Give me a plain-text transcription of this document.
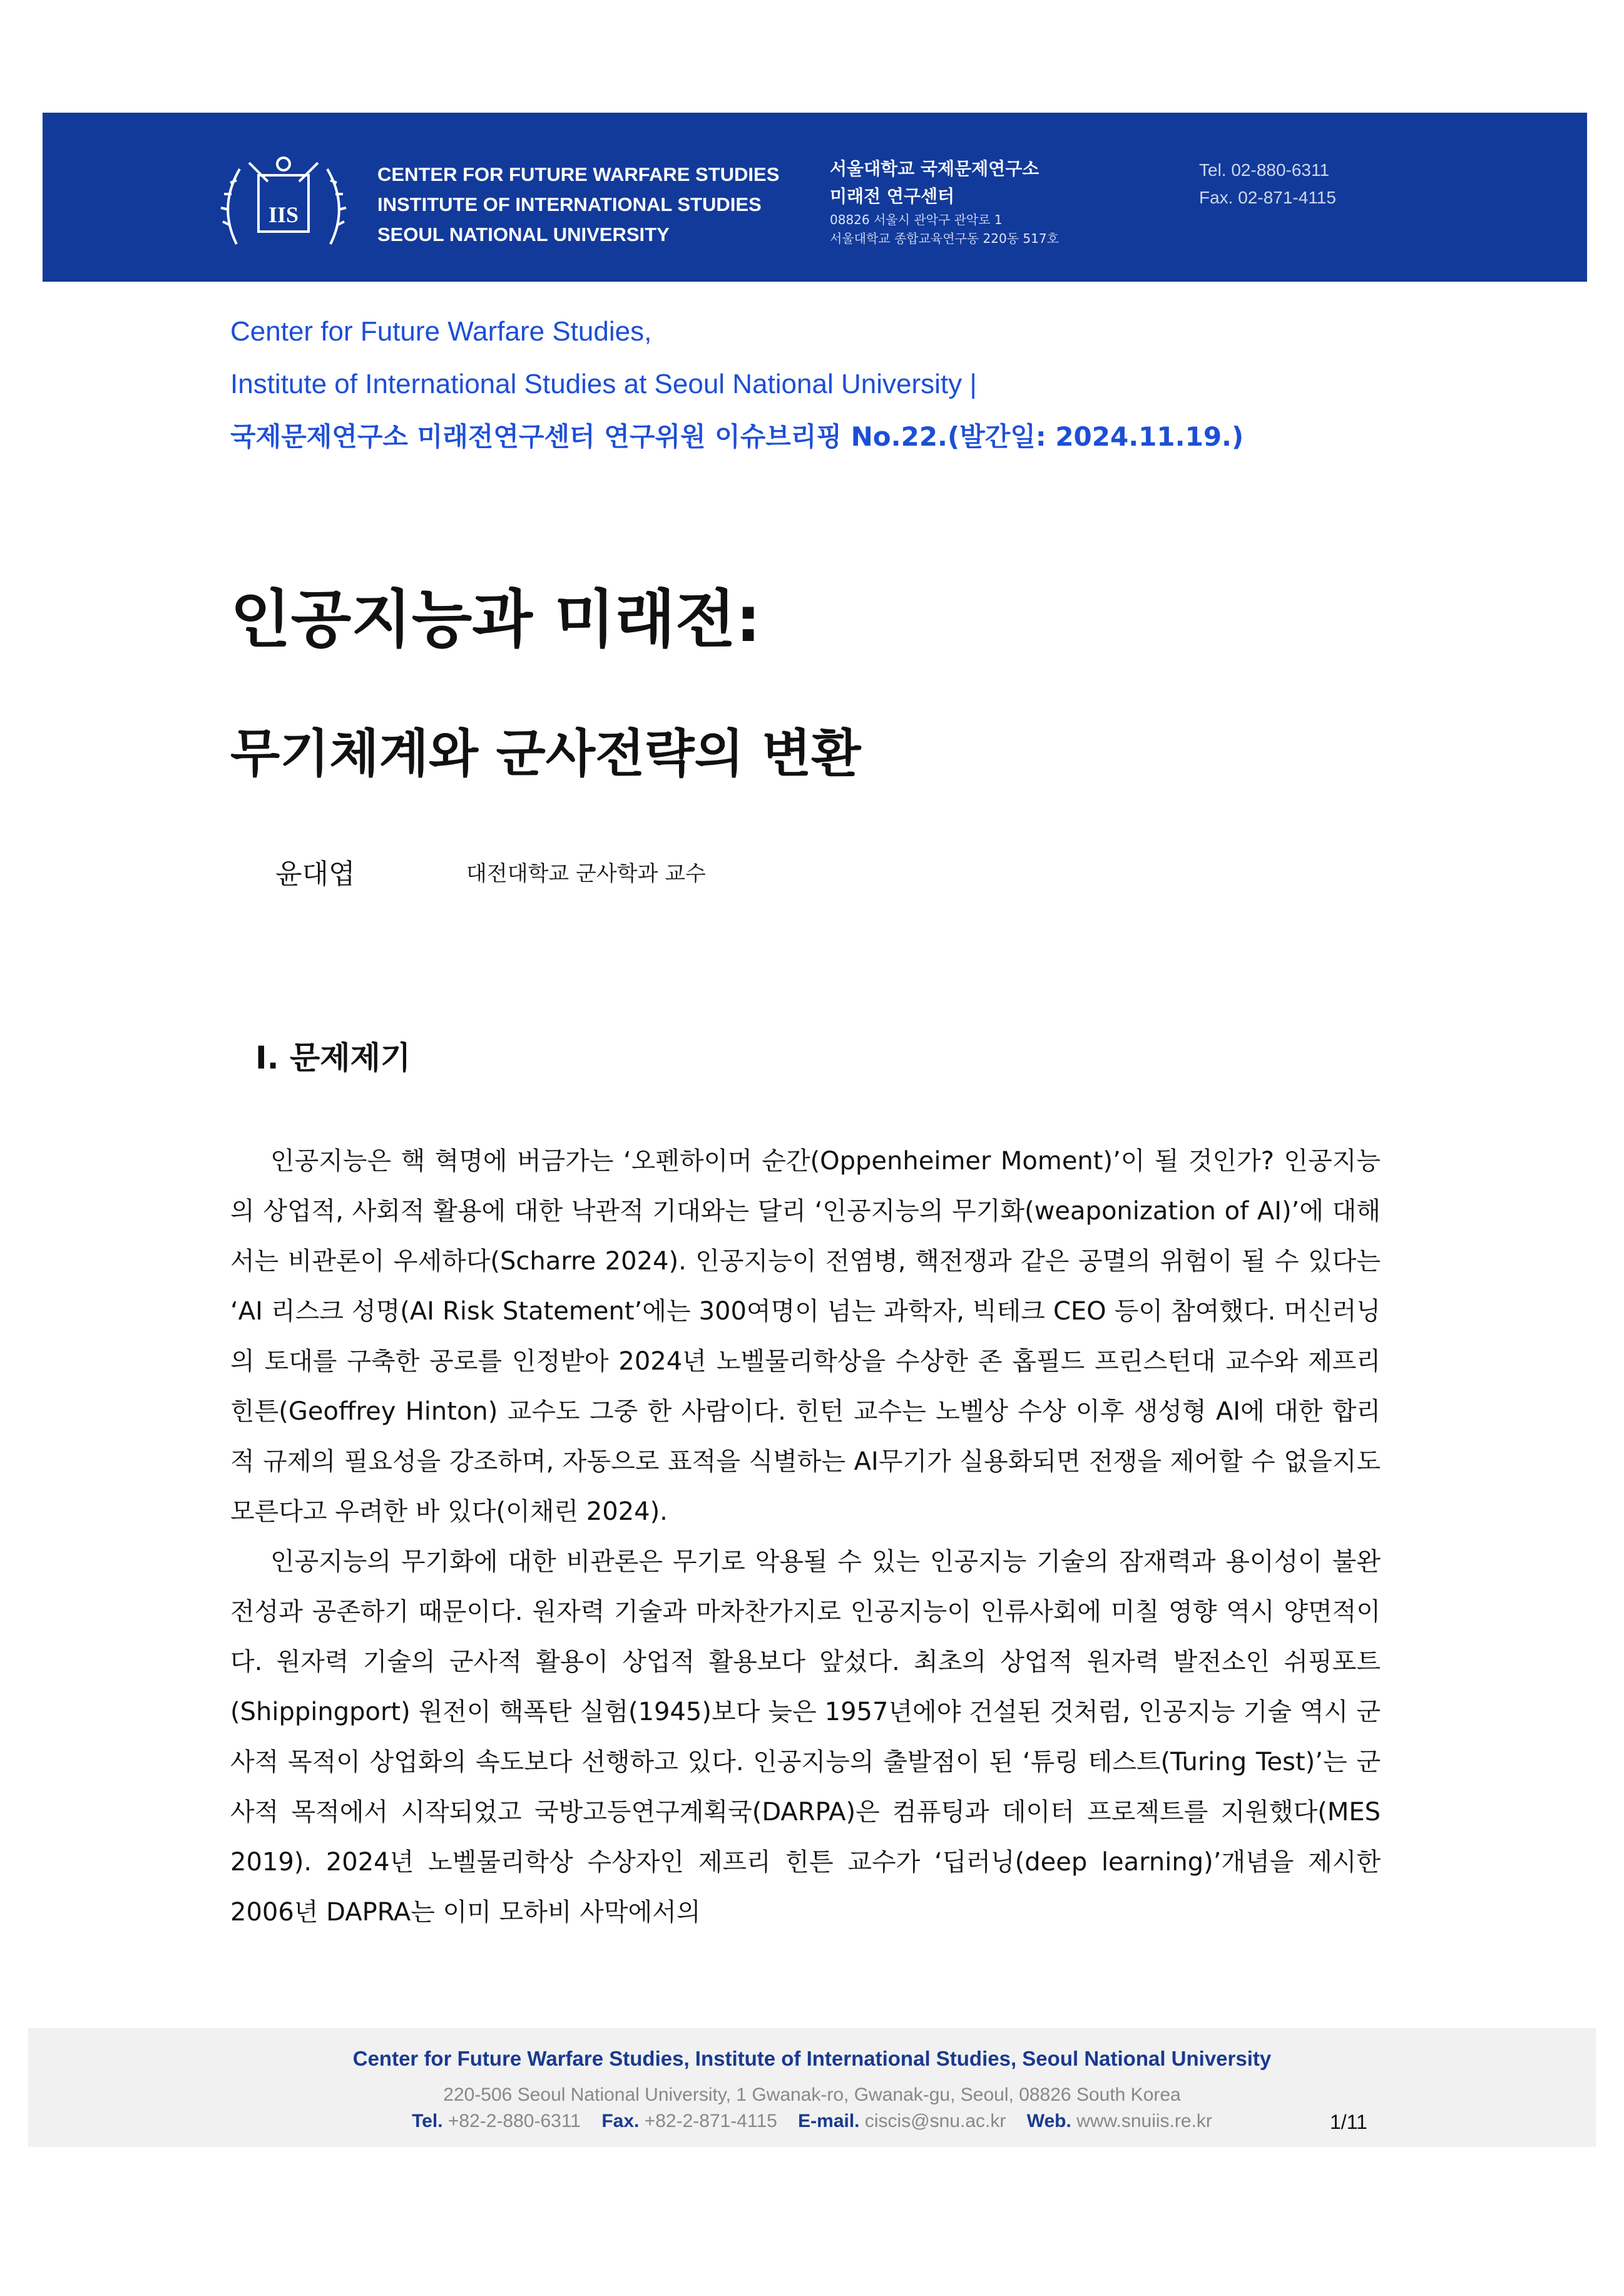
IIS
CENTER FOR FUTURE WARFARE STUDIES
INSTITUTE OF INTERNATIONAL STUDIES
SEOUL NATIONAL UNIVERSITY
서울대학교 국제문제연구소
미래전 연구센터
08826 서울시 관악구 관악로 1
서울대학교 종합교육연구동 220동 517호
Tel. 02-880-6311
Fax. 02-871-4115
Center for Future Warfare Studies,
Institute of International Studies at Seoul National University |
국제문제연구소 미래전연구센터 연구위원 이슈브리핑 No.22.(발간일: 2024.11.19.)
인공지능과 미래전:
무기체계와 군사전략의 변환
윤대엽	대전대학교 군사학과 교수
I. 문제제기

인공지능은 핵 혁명에 버금가는 ‘오펜하이머 순간(Oppenheimer Moment)’이 될 것인가? 인공지능의 상업적, 사회적 활용에 대한 낙관적 기대와는 달리 ‘인공지능의 무기화(weaponization of AI)’에 대해서는 비관론이 우세하다(Scharre 2024). 인공지능이 전염병, 핵전쟁과 같은 공멸의 위험이 될 수 있다는 ‘AI 리스크 성명(AI Risk Statement’에는 300여명이 넘는 과학자, 빅테크 CEO 등이 참여했다. 머신러닝의 토대를 구축한 공로를 인정받아 2024년 노벨물리학상을 수상한 존 홉필드 프린스턴대 교수와 제프리 힌튼(Geoffrey Hinton) 교수도 그중 한 사람이다. 힌턴 교수는 노벨상 수상 이후 생성형 AI에 대한 합리적 규제의 필요성을 강조하며, 자동으로 표적을 식별하는 AI무기가 실용화되면 전쟁을 제어할 수 없을지도 모른다고 우려한 바 있다(이채린 2024).

인공지능의 무기화에 대한 비관론은 무기로 악용될 수 있는 인공지능 기술의 잠재력과 용이성이 불완전성과 공존하기 때문이다. 원자력 기술과 마차찬가지로 인공지능이 인류사회에 미칠 영향 역시 양면적이다. 원자력 기술의 군사적 활용이 상업적 활용보다 앞섰다. 최초의 상업적 원자력 발전소인 쉬핑포트(Shippingport) 원전이 핵폭탄 실험(1945)보다 늦은 1957년에야 건설된 것처럼, 인공지능 기술 역시 군사적 목적이 상업화의 속도보다 선행하고 있다. 인공지능의 출발점이 된 ‘튜링 테스트(Turing Test)’는 군사적 목적에서 시작되었고 국방고등연구계획국(DARPA)은 컴퓨팅과 데이터 프로젝트를 지원했다(MES 2019). 2024년 노벨물리학상 수상자인 제프리 힌튼 교수가 ‘딥러닝(deep learning)’개념을 제시한 2006년 DAPRA는 이미 모하비 사막에서의

Center for Future Warfare Studies, Institute of International Studies, Seoul National University
220-506 Seoul National University, 1 Gwanak-ro, Gwanak-gu, Seoul, 08826 South Korea
Tel. +82-2-880-6311 Fax. +82-2-871-4115 E-mail. ciscis@snu.ac.kr Web. www.snuiis.re.kr	1/11
